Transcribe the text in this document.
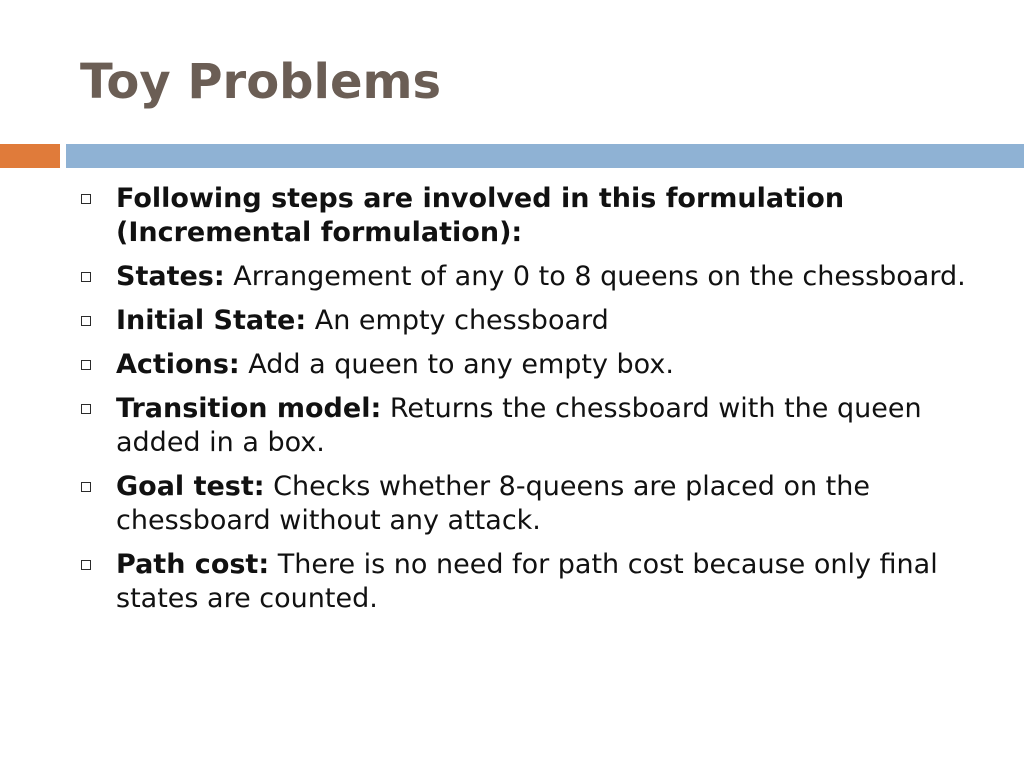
Toy Problems
Following steps are involved in this formulation (Incremental formulation):
States: Arrangement of any 0 to 8 queens on the chessboard.
Initial State: An empty chessboard
Actions: Add a queen to any empty box.
Transition model: Returns the chessboard with the queen added in a box.
Goal test: Checks whether 8-queens are placed on the chessboard without any attack.
Path cost: There is no need for path cost because only final states are counted.
